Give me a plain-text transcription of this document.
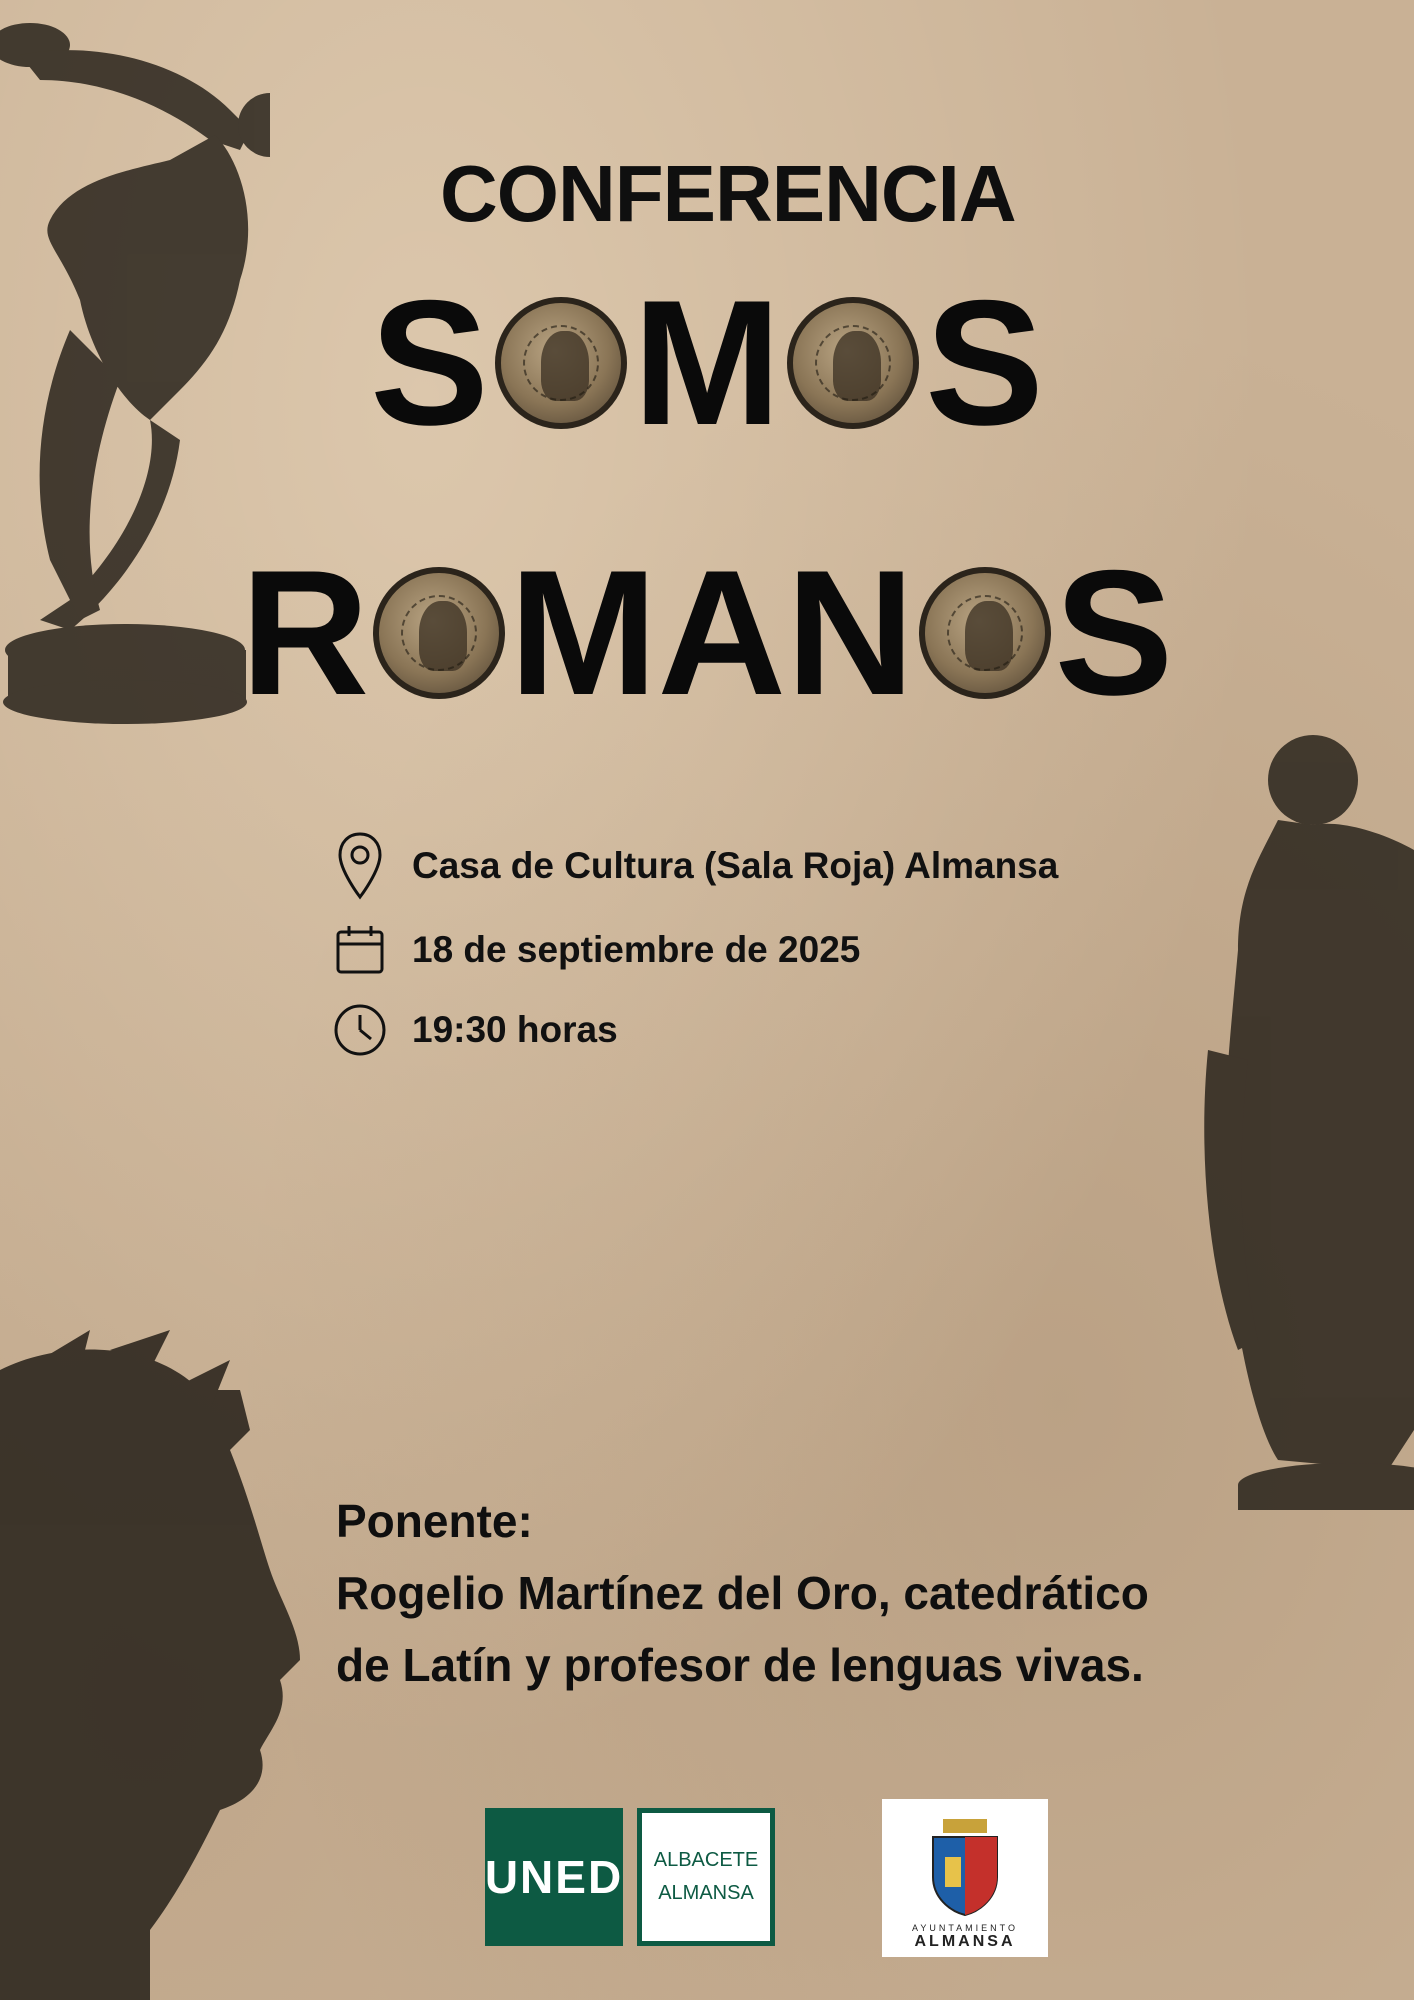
CONFERENCIA
S M S
R MAN S
Casa de Cultura (Sala Roja) Almansa
18 de septiembre de 2025
19:30 horas
Ponente:
Rogelio Martínez del Oro, catedrático
de Latín y profesor de lenguas vivas.
UNED ALBACETE
ALMANSA
AYUNTAMIENTO
ALMANSA
